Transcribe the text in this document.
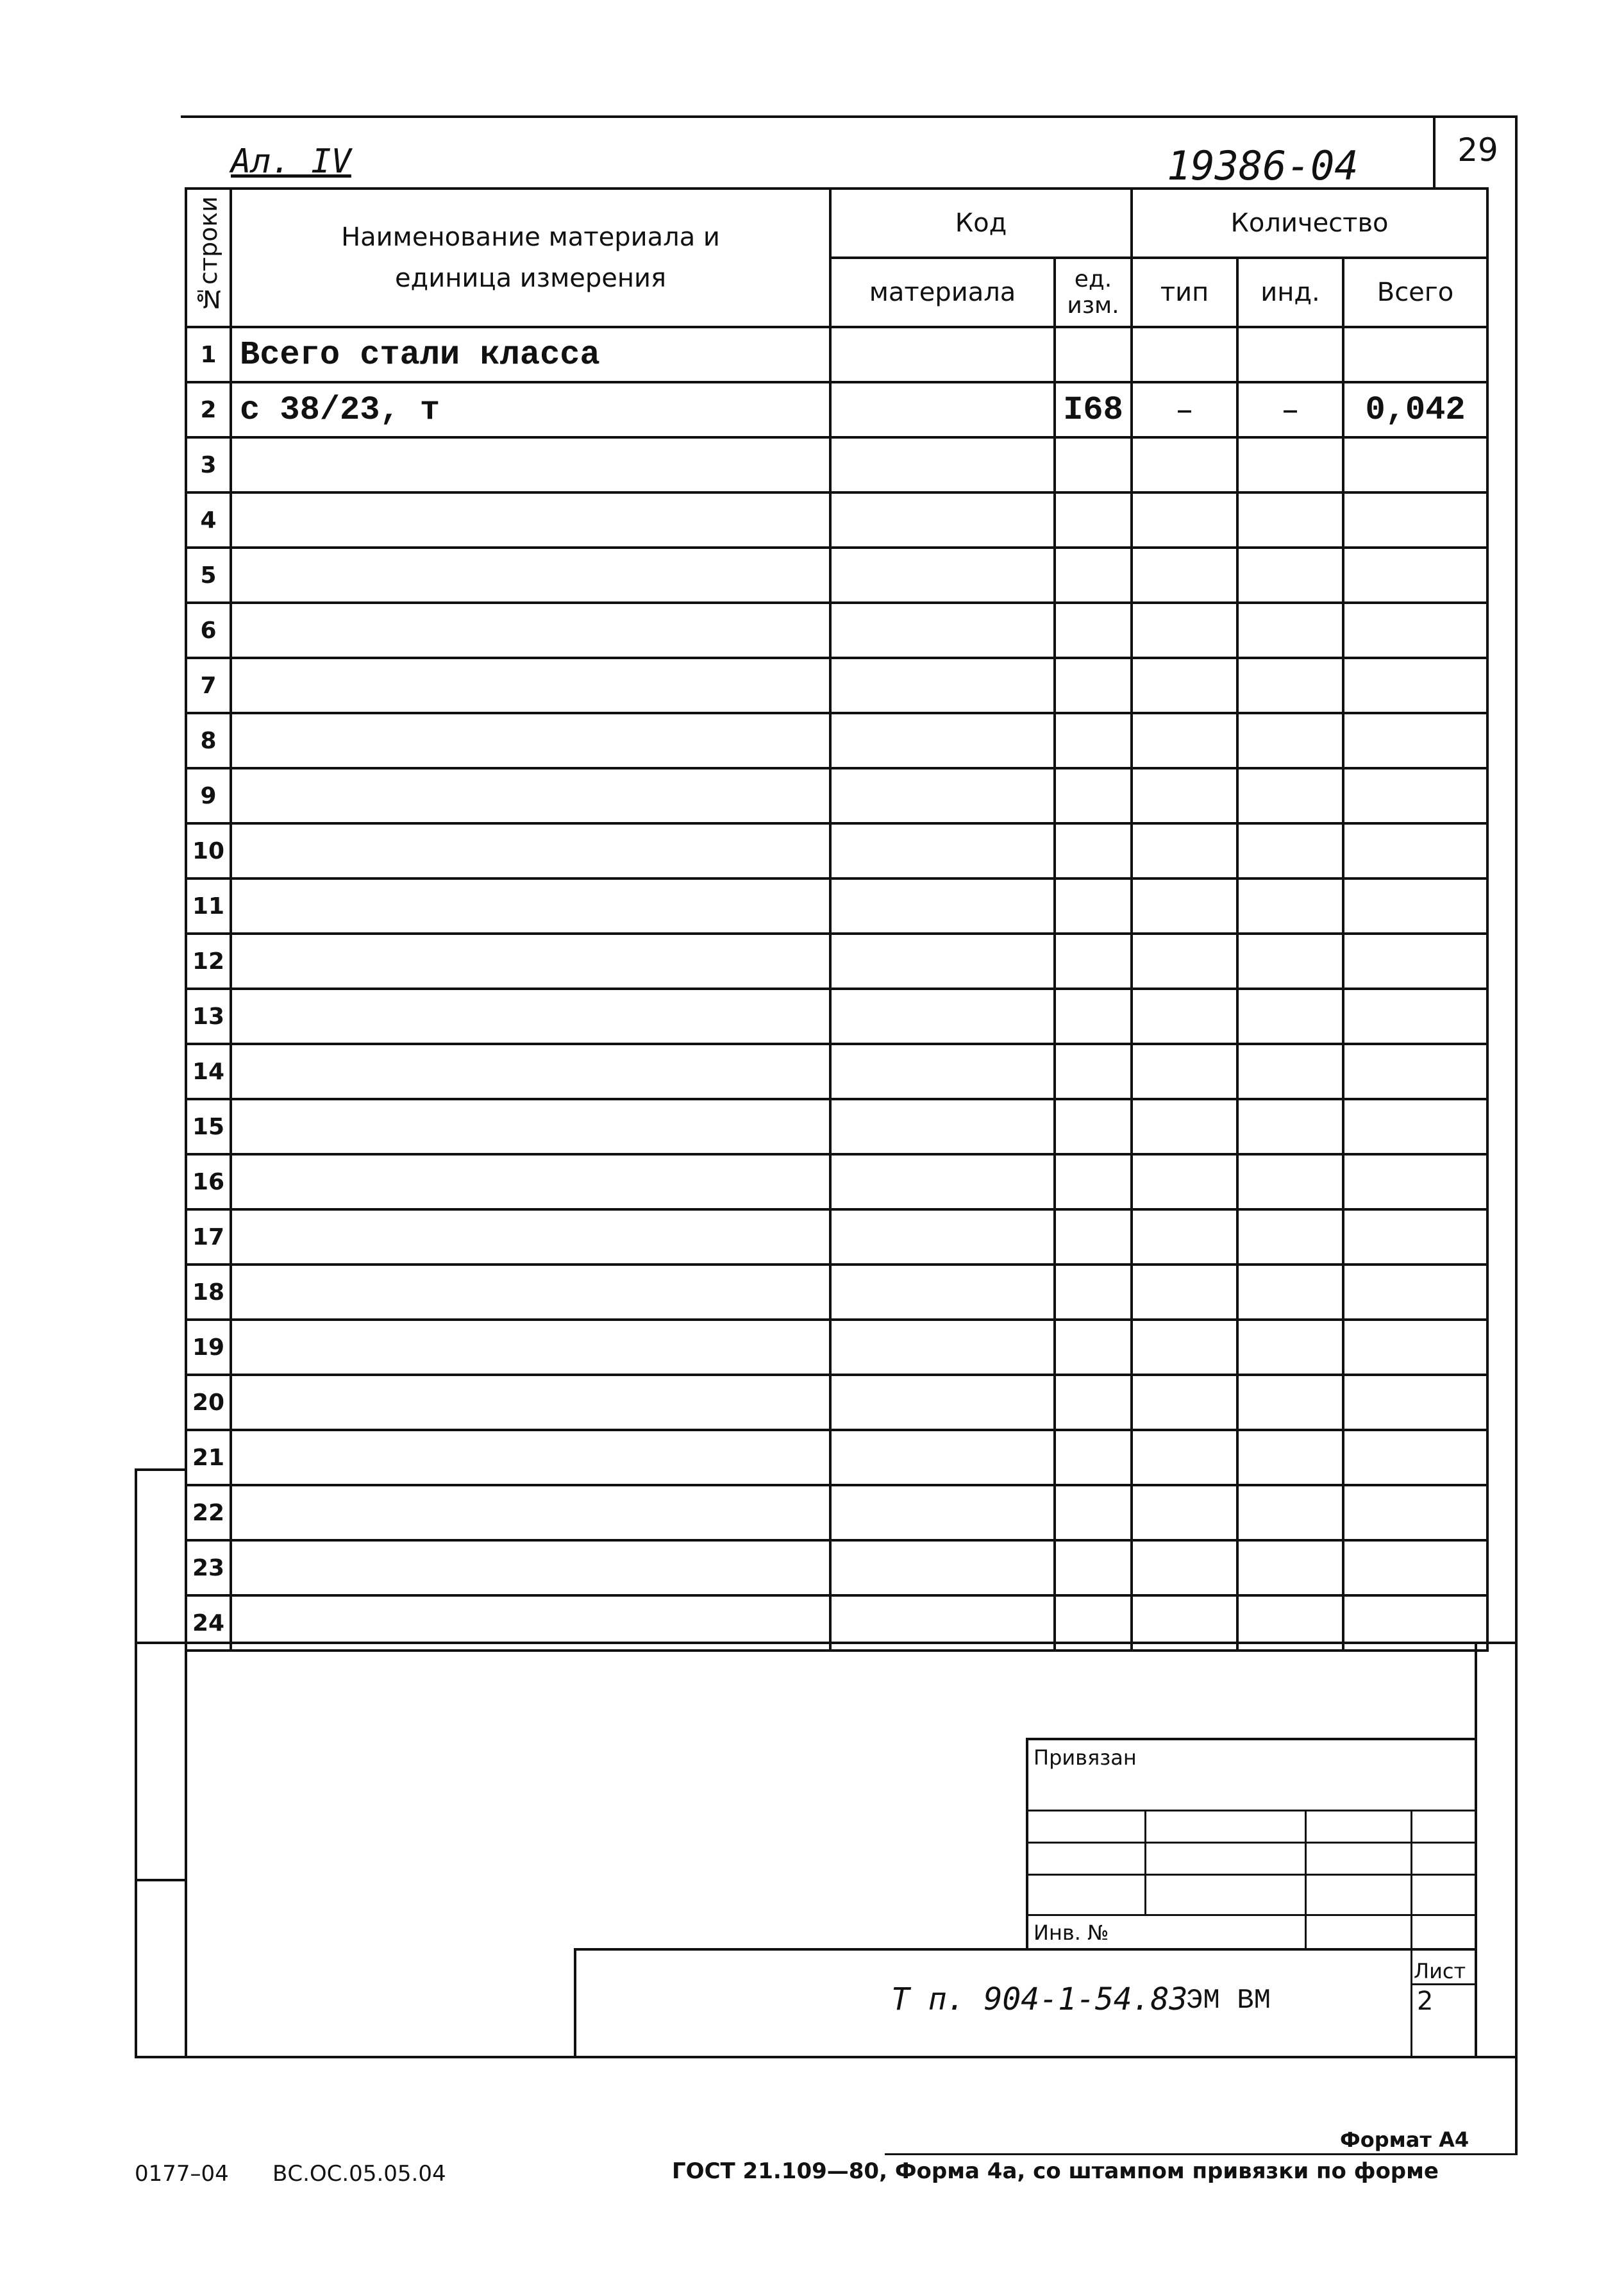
29
Ал. IV	19386-04
№строки	Наименование материала и единица измерения	Код		Количество		
		материала	ед. изм.	тип	инд.	Всего
1	Всего стали класса					
2	с 38/23, т		I68	–	–	0,042
3						
4						
5						
6						
7						
8						
9						
10						
11						
12						
13						
14						
15						
16						
17						
18						
19						
20						
21						
22						
23						
24						
Привязан
Инв. №
Т п. 904-1-54.83
ЭМ ВМ
Лист
2
Формат А4
0177–04 ВС.ОС.05.05.04	ГОСТ 21.109—80, Форма 4а, со штампом привязки по форме
